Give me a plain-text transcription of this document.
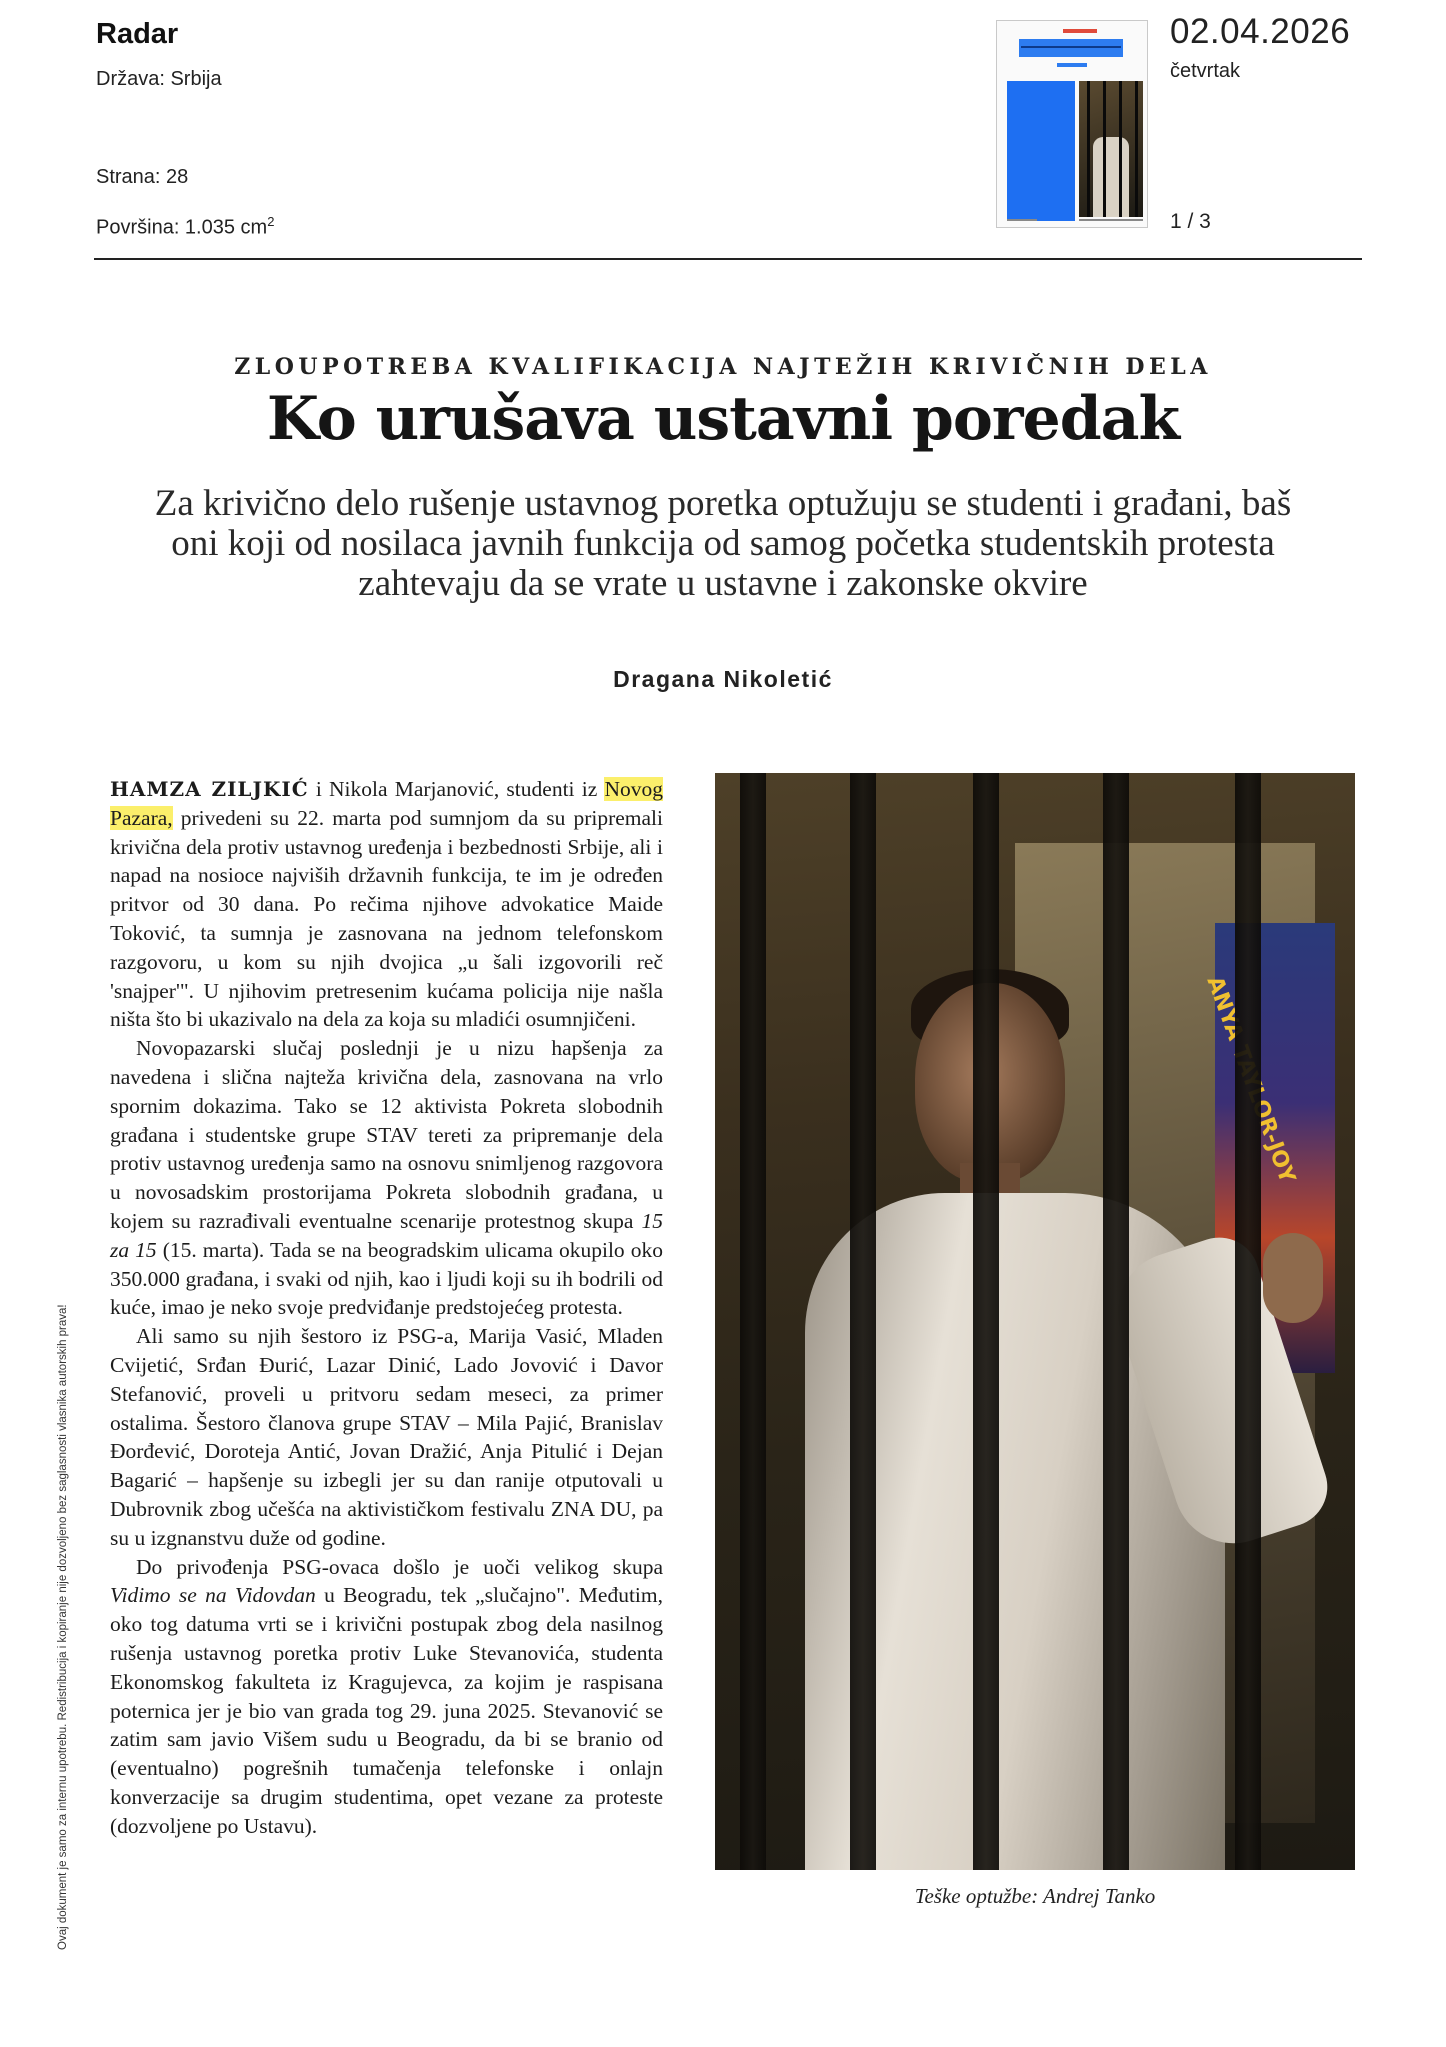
Radar

Država: Srbija
Strana: 28
Površina: 1.035 $cm^2$
02.04.2026
četvrtak
1 / 3
ZLOUPOTREBA KVALIFIKACIJA NAJTEŽIH KRIVIČNIH DELA
Ko urušava ustavni poredak
Za krivično delo rušenje ustavnog poretka optužuju se studenti i građani, baš oni koji od nosilaca javnih funkcija od samog početka studentskih protesta zahtevaju da se vrate u ustavne i zakonske okvire
Dragana Nikoletić

HAMZA ZILJKIĆ i Nikola Marjanović, studenti iz Novog Pazara, privedeni su 22. marta pod sumnjom da su pripremali krivična dela protiv ustavnog uređenja i bezbednosti Srbije, ali i napad na nosioce najviših državnih funkcija, te im je određen pritvor od 30 dana. Po rečima njihove advokatice Maide Toković, ta sumnja je zasnovana na jednom telefonskom razgovoru, u kom su njih dvojica „u šali izgovorili reč 'snajper'". U njihovim pretresenim kućama policija nije našla ništa što bi ukazivalo na dela za koja su mladići osumnjičeni.

Novopazarski slučaj poslednji je u nizu hapšenja za navedena i slična najteža krivična dela, zasnovana na vrlo spornim dokazima. Tako se 12 aktivista Pokreta slobodnih građana i studentske grupe STAV tereti za pripremanje dela protiv ustavnog uređenja samo na osnovu snimljenog razgovora u novosadskim prostorijama Pokreta slobodnih građana, u kojem su razrađivali eventualne scenarije protestnog skupa 15 za 15 (15. marta). Tada se na beogradskim ulicama okupilo oko 350.000 građana, i svaki od njih, kao i ljudi koji su ih bodrili od kuće, imao je neko svoje predviđanje predstojećeg protesta.

Ali samo su njih šestoro iz PSG-a, Marija Vasić, Mladen Cvijetić, Srđan Đurić, Lazar Dinić, Lado Jovović i Davor Stefanović, proveli u pritvoru sedam meseci, za primer ostalima. Šestoro članova grupe STAV – Mila Pajić, Branislav Đorđević, Doroteja Antić, Jovan Dražić, Anja Pitulić i Dejan Bagarić – hapšenje su izbegli jer su dan ranije otputovali u Dubrovnik zbog učešća na aktivističkom festivalu ZNA DU, pa su u izgnanstvu duže od godine.

Do privođenja PSG-ovaca došlo je uoči velikog skupa Vidimo se na Vidovdan u Beogradu, tek „slučajno". Međutim, oko tog datuma vrti se i krivični postupak zbog dela nasilnog rušenja ustavnog poretka protiv Luke Stevanovića, studenta Ekonomskog fakulteta iz Kragujevca, za kojim je raspisana poternica jer je bio van grada tog 29. juna 2025. Stevanović se zatim sam javio Višem sudu u Beogradu, da bi se branio od (eventualno) pogrešnih tumačenja telefonske i onlajn konverzacije sa drugim studentima, opet vezane za proteste (dozvoljene po Ustavu).

ANYA
Teške optužbe: Andrej Tanko
Ovaj dokument je samo za internu upotrebu. Redistribucija i kopiranje nije dozvoljeno bez saglasnosti vlasnika autorskih prava!
